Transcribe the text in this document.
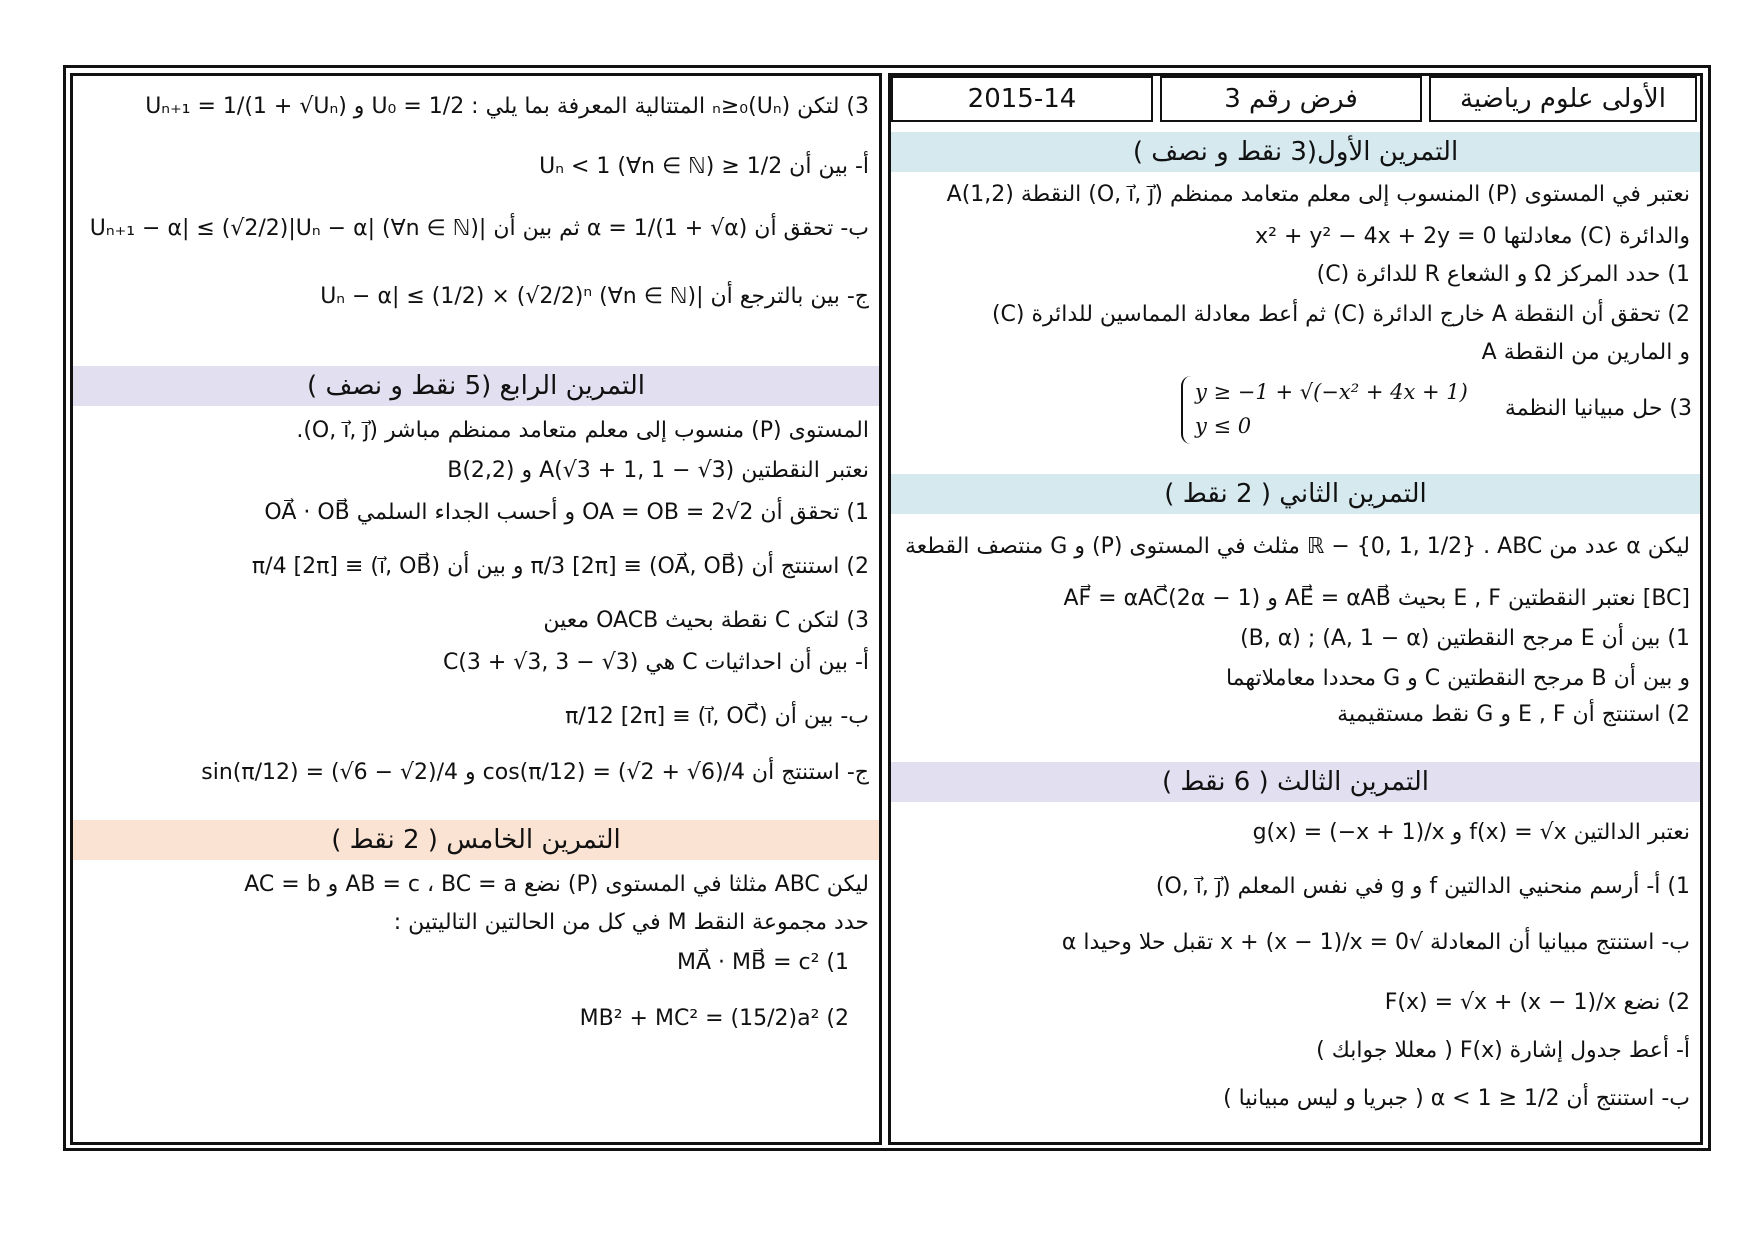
2015-14	فرض رقم 3	الأولى علوم رياضية
3) لتكن (Uₙ)ₙ≥₀ المتتالية المعرفة بما يلي : U₀ = 1/2 و Uₙ₊₁ = 1/(1 + √Uₙ)
أ- بين أن 1/2 ≤ Uₙ < 1 (∀n ∈ ℕ)
ب- تحقق أن α = 1/(1 + √α) ثم بين أن |Uₙ₊₁ − α| ≤ (√2/2)|Uₙ − α| (∀n ∈ ℕ)
ج- بين بالترجع أن |Uₙ − α| ≤ (1/2) × (√2/2)ⁿ (∀n ∈ ℕ)
التمرين الرابع (5 نقط و نصف )
المستوى (P) منسوب إلى معلم متعامد ممنظم مباشر (O, i⃗, j⃗).
نعتبر النقطتين A(√3 + 1, 1 − √3) و B(2,2)
1) تحقق أن OA = OB = 2√2 و أحسب الجداء السلمي OA⃗ · OB⃗
2) استنتج أن (OA⃗, OB⃗) ≡ π/3 [2π] و بين أن (i⃗, OB⃗) ≡ π/4 [2π]
3) لتكن C نقطة بحيث OACB معين
أ- بين أن احداثيات C هي C(3 + √3, 3 − √3)
ب- بين أن (i⃗, OC⃗) ≡ π/12 [2π]
ج- استنتج أن cos(π/12) = (√2 + √6)/4 و sin(π/12) = (√6 − √2)/4
التمرين الخامس ( 2 نقط )
ليكن ABC مثلثا في المستوى (P) نضع AB = c ، BC = a و AC = b
حدد مجموعة النقط M في كل من الحالتين التاليتين :
1) MA⃗ · MB⃗ = c²
2) MB² + MC² = (15/2)a²
التمرين الأول(3 نقط و نصف )
نعتبر في المستوى (P) المنسوب إلى معلم متعامد ممنظم (O, i⃗, j⃗) النقطة A(1,2)
والدائرة (C) معادلتها x² + y² − 4x + 2y = 0
1) حدد المركز Ω و الشعاع R للدائرة (C)
2) تحقق أن النقطة A خارج الدائرة (C) ثم أعط معادلة المماسين للدائرة (C)
و المارين من النقطة A
3) حل مبيانيا النظمة
y ≥ −1 + √(−x² + 4x + 1)
y ≤ 0
التمرين الثاني ( 2 نقط )
ليكن α عدد من ℝ − {0, 1, 1/2} . ABC مثلث في المستوى (P) و G منتصف القطعة
[BC] نعتبر النقطتين E , F بحيث AE⃗ = αAB⃗ و (2α − 1)AF⃗ = αAC⃗
1) بين أن E مرجح النقطتين (A, 1 − α) ; (B, α)
و بين أن B مرجح النقطتين C و G محددا معاملاتهما
2) استنتج أن E , F و G نقط مستقيمية
التمرين الثالث ( 6 نقط )
نعتبر الدالتين f(x) = √x و g(x) = (−x + 1)/x
1) أ- أرسم منحنيي الدالتين f و g في نفس المعلم (O, i⃗, j⃗)
ب- استنتج مبيانيا أن المعادلة √x + (x − 1)/x = 0 تقبل حلا وحيدا α
2) نضع F(x) = √x + (x − 1)/x
أ- أعط جدول إشارة F(x) ( معللا جوابك )
ب- استنتج أن 1/2 ≤ α < 1 ( جبريا و ليس مبيانيا )
